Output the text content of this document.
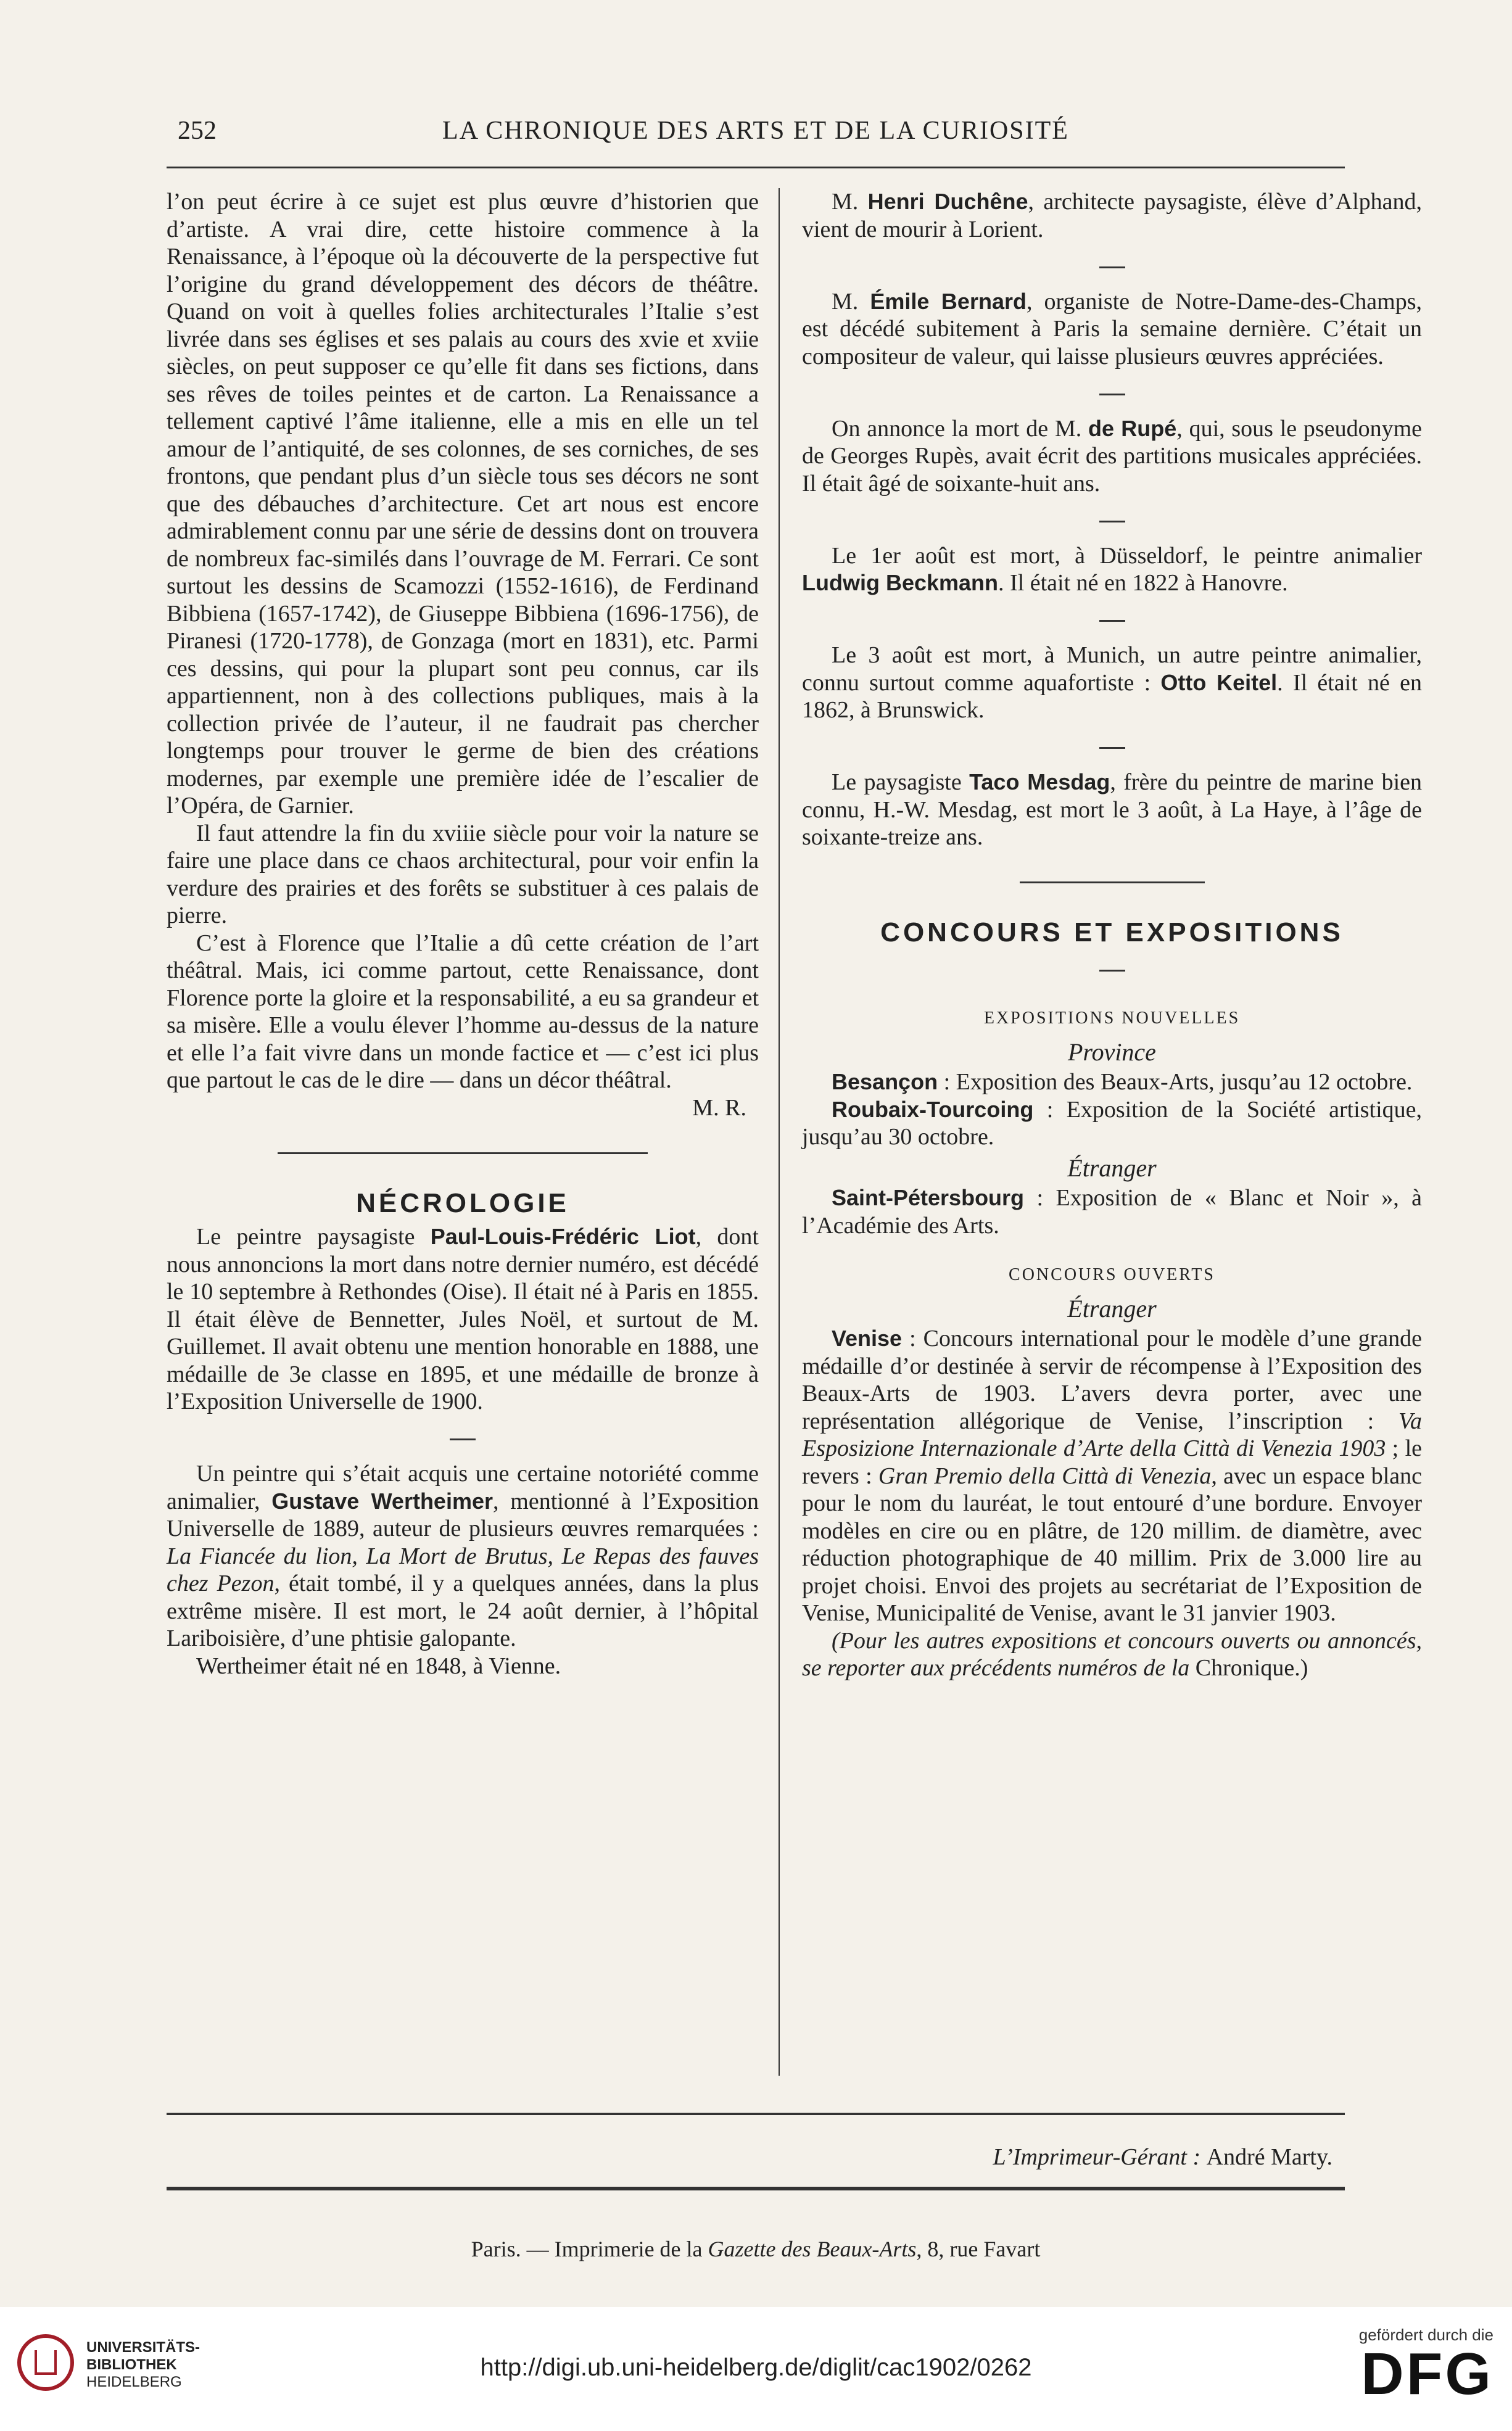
252	LA CHRONIQUE DES ARTS ET DE LA CURIOSITÉ

l’on peut écrire à ce sujet est plus œuvre d’historien que d’artiste. A vrai dire, cette histoire commence à la Renaissance, à l’époque où la découverte de la perspective fut l’origine du grand développement des décors de théâtre. Quand on voit à quelles folies architecturales l’Italie s’est livrée dans ses églises et ses palais au cours des xvie et xviie siècles, on peut supposer ce qu’elle fit dans ses fictions, dans ses rêves de toiles peintes et de carton. La Renaissance a tellement captivé l’âme italienne, elle a mis en elle un tel amour de l’antiquité, de ses colonnes, de ses corniches, de ses frontons, que pendant plus d’un siècle tous ses décors ne sont que des débauches d’architecture. Cet art nous est encore admirablement connu par une série de dessins dont on trouvera de nombreux fac-similés dans l’ouvrage de M. Ferrari. Ce sont surtout les dessins de Scamozzi (1552-1616), de Ferdinand Bibbiena (1657-1742), de Giuseppe Bibbiena (1696-1756), de Piranesi (1720-1778), de Gonzaga (mort en 1831), etc. Parmi ces dessins, qui pour la plupart sont peu connus, car ils appartiennent, non à des collections publiques, mais à la collection privée de l’auteur, il ne faudrait pas chercher longtemps pour trouver le germe de bien des créations modernes, par exemple une première idée de l’escalier de l’Opéra, de Garnier.

Il faut attendre la fin du xviiie siècle pour voir la nature se faire une place dans ce chaos architectural, pour voir enfin la verdure des prairies et des forêts se substituer à ces palais de pierre.

C’est à Florence que l’Italie a dû cette création de l’art théâtral. Mais, ici comme partout, cette Renaissance, dont Florence porte la gloire et la responsabilité, a eu sa grandeur et sa misère. Elle a voulu élever l’homme au-dessus de la nature et elle l’a fait vivre dans un monde factice et — c’est ici plus que partout le cas de le dire — dans un décor théâtral.

M. R.

NÉCROLOGIE

Le peintre paysagiste Paul-Louis-Frédéric Liot, dont nous annoncions la mort dans notre dernier numéro, est décédé le 10 septembre à Rethondes (Oise). Il était né à Paris en 1855. Il était élève de Bennetter, Jules Noël, et surtout de M. Guillemet. Il avait obtenu une mention honorable en 1888, une médaille de 3e classe en 1895, et une médaille de bronze à l’Exposition Universelle de 1900.

Un peintre qui s’était acquis une certaine notoriété comme animalier, Gustave Wertheimer, mentionné à l’Exposition Universelle de 1889, auteur de plusieurs œuvres remarquées : La Fiancée du lion, La Mort de Brutus, Le Repas des fauves chez Pezon, était tombé, il y a quelques années, dans la plus extrême misère. Il est mort, le 24 août dernier, à l’hôpital Lariboisière, d’une phtisie galopante.

Wertheimer était né en 1848, à Vienne.

M. Henri Duchêne, architecte paysagiste, élève d’Alphand, vient de mourir à Lorient.

M. Émile Bernard, organiste de Notre-Dame-des-Champs, est décédé subitement à Paris la semaine dernière. C’était un compositeur de valeur, qui laisse plusieurs œuvres appréciées.

On annonce la mort de M. de Rupé, qui, sous le pseudonyme de Georges Rupès, avait écrit des partitions musicales appréciées. Il était âgé de soixante-huit ans.

Le 1er août est mort, à Düsseldorf, le peintre animalier Ludwig Beckmann. Il était né en 1822 à Hanovre.

Le 3 août est mort, à Munich, un autre peintre animalier, connu surtout comme aquafortiste : Otto Keitel. Il était né en 1862, à Brunswick.

Le paysagiste Taco Mesdag, frère du peintre de marine bien connu, H.-W. Mesdag, est mort le 3 août, à La Haye, à l’âge de soixante-treize ans.

CONCOURS ET EXPOSITIONS
EXPOSITIONS NOUVELLES
Province

Besançon : Exposition des Beaux-Arts, jusqu’au 12 octobre.

Roubaix-Tourcoing : Exposition de la Société artistique, jusqu’au 30 octobre.

Étranger

Saint-Pétersbourg : Exposition de « Blanc et Noir », à l’Académie des Arts.

CONCOURS OUVERTS
Étranger

Venise : Concours international pour le modèle d’une grande médaille d’or destinée à servir de récompense à l’Exposition des Beaux-Arts de 1903. L’avers devra porter, avec une représentation allégorique de Venise, l’inscription : Va Esposizione Internazionale d’Arte della Città di Venezia 1903 ; le revers : Gran Premio della Città di Venezia, avec un espace blanc pour le nom du lauréat, le tout entouré d’une bordure. Envoyer modèles en cire ou en plâtre, de 120 millim. de diamètre, avec réduction photographique de 40 millim. Prix de 3.000 lire au projet choisi. Envoi des projets au secrétariat de l’Exposition de Venise, Municipalité de Venise, avant le 31 janvier 1903.

(Pour les autres expositions et concours ouverts ou annoncés, se reporter aux précédents numéros de la Chronique.)

L’Imprimeur-Gérant : André Marty.
Paris. — Imprimerie de la Gazette des Beaux-Arts, 8, rue Favart
UNIVERSITÄTS-
BIBLIOTHEK
HEIDELBERG
http://digi.ub.uni-heidelberg.de/diglit/cac1902/0262
gefördert durch die
DFG
